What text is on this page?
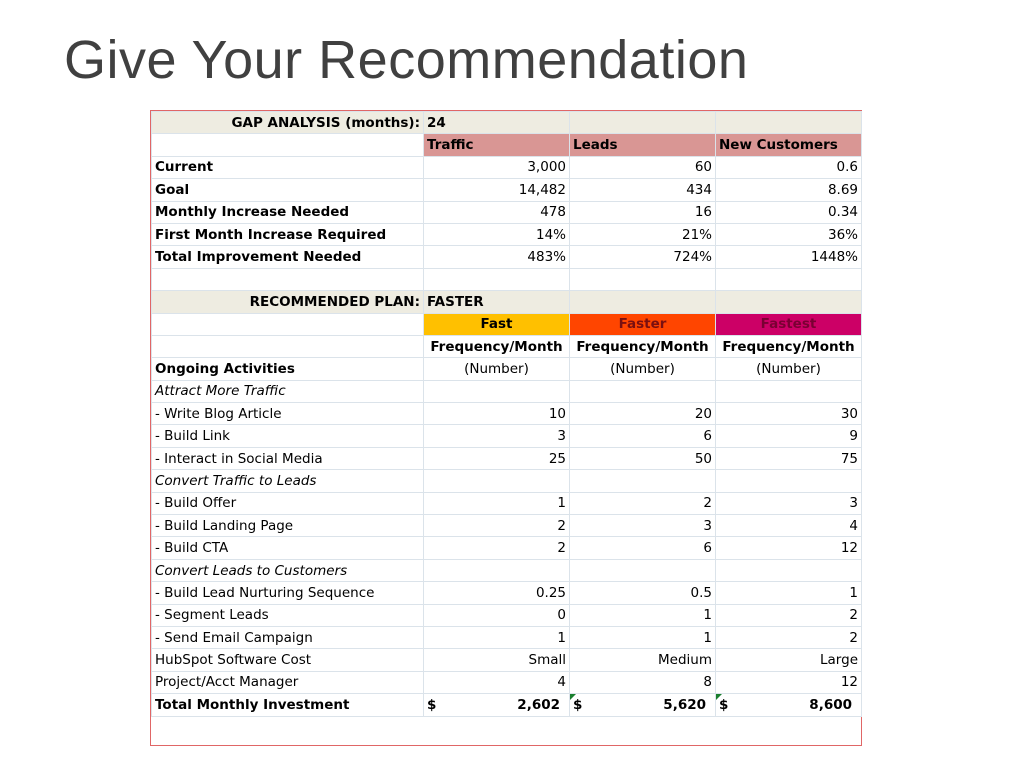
Give Your Recommendation
GAP ANALYSIS (months):	24		
	Traffic	Leads	New Customers
Current	3,000	60	0.6
Goal	14,482	434	8.69
Monthly Increase Needed	478	16	0.34
First Month Increase Required	14%	21%	36%
Total Improvement Needed	483%	724%	1448%

RECOMMENDED PLAN:	FASTER		
	Fast	Faster	Fastest
	Frequency/Month	Frequency/Month	Frequency/Month
Ongoing Activities	(Number)	(Number)	(Number)
Attract More Traffic			
- Write Blog Article	10	20	30
- Build Link	3	6	9
- Interact in Social Media	25	50	75
Convert Traffic to Leads			
- Build Offer	1	2	3
- Build Landing Page	2	3	4
- Build CTA	2	6	12
Convert Leads to Customers			
- Build Lead Nurturing Sequence	0.25	0.5	1
- Segment Leads	0	1	2
- Send Email Campaign	1	1	2
HubSpot Software Cost	Small	Medium	Large
Project/Acct Manager	4	8	12
Total Monthly Investment	$ 2,602	$ 5,620	$ 8,600
